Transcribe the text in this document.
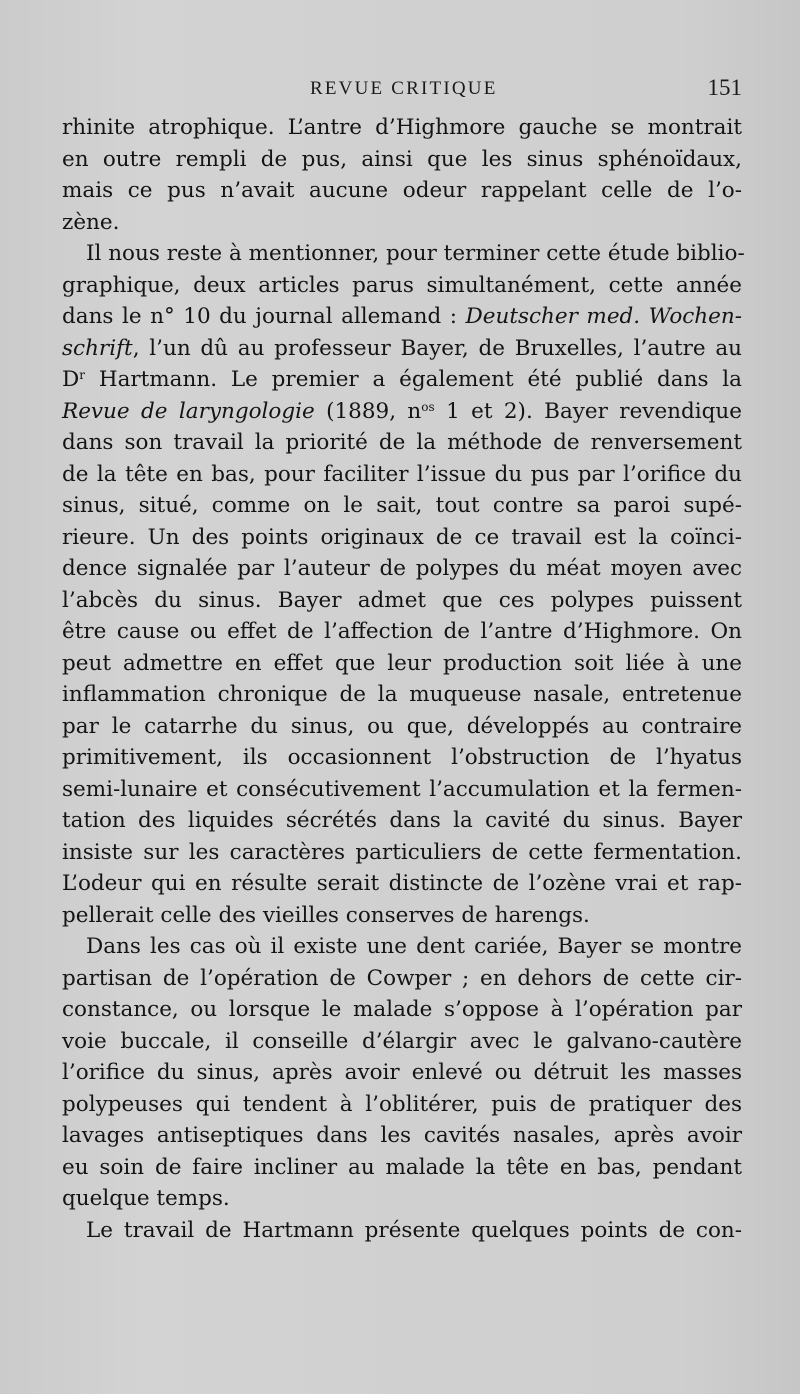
REVUE CRITIQUE	151
rhinite atrophique. L’antre d’Highmore gauche se montrait
en outre rempli de pus, ainsi que les sinus sphénoïdaux,
mais ce pus n’avait aucune odeur rappelant celle de l’o-
zène.
Il nous reste à mentionner, pour terminer cette étude biblio-
graphique, deux articles parus simultanément, cette année
dans le n° 10 du journal allemand : Deutscher med. Wochen-
schrift, l’un dû au professeur Bayer, de Bruxelles, l’autre au
$D^r$ Hartmann. Le premier a également été publié dans la
Revue de laryngologie (1889, $n^{os}$ 1 et 2). Bayer revendique
dans son travail la priorité de la méthode de renversement
de la tête en bas, pour faciliter l’issue du pus par l’orifice du
sinus, situé, comme on le sait, tout contre sa paroi supé-
rieure. Un des points originaux de ce travail est la coïnci-
dence signalée par l’auteur de polypes du méat moyen avec
l’abcès du sinus. Bayer admet que ces polypes puissent
être cause ou effet de l’affection de l’antre d’Highmore. On
peut admettre en effet que leur production soit liée à une
inflammation chronique de la muqueuse nasale, entretenue
par le catarrhe du sinus, ou que, développés au contraire
primitivement, ils occasionnent l’obstruction de l’hyatus
semi-lunaire et consécutivement l’accumulation et la fermen-
tation des liquides sécrétés dans la cavité du sinus. Bayer
insiste sur les caractères particuliers de cette fermentation.
L’odeur qui en résulte serait distincte de l’ozène vrai et rap-
pellerait celle des vieilles conserves de harengs.
Dans les cas où il existe une dent cariée, Bayer se montre
partisan de l’opération de Cowper ; en dehors de cette cir-
constance, ou lorsque le malade s’oppose à l’opération par
voie buccale, il conseille d’élargir avec le galvano-cautère
l’orifice du sinus, après avoir enlevé ou détruit les masses
polypeuses qui tendent à l’oblitérer, puis de pratiquer des
lavages antiseptiques dans les cavités nasales, après avoir
eu soin de faire incliner au malade la tête en bas, pendant
quelque temps.
Le travail de Hartmann présente quelques points de con-
